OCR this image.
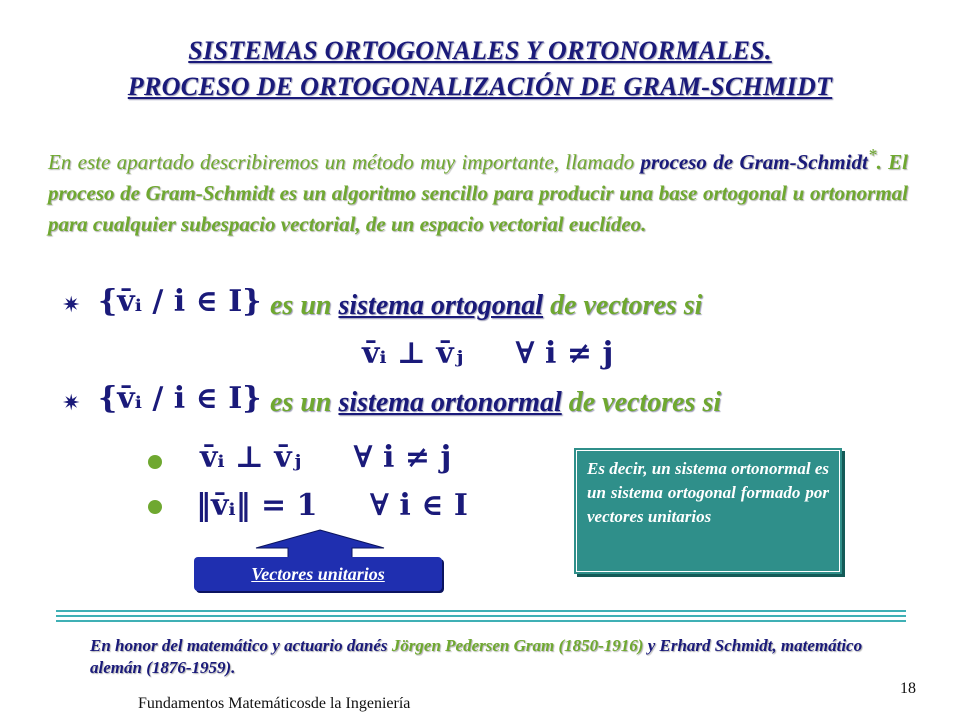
SISTEMAS ORTOGONALES Y ORTONORMALES.
PROCESO DE ORTOGONALIZACIÓN DE GRAM-SCHMIDT
En este apartado describiremos un método muy importante, llamado proceso de Gram-Schmidt*. El proceso de Gram-Schmidt es un algoritmo sencillo para producir una base ortogonal u ortonormal para cualquier subespacio vectorial, de un espacio vectorial euclídeo.
✷ {v̄ᵢ / i ∈ I} es un sistema ortogonal de vectores si
v̄ᵢ ⊥ v̄ⱼ     ∀ i ≠ j
✷ {v̄ᵢ / i ∈ I} es un sistema ortonormal de vectores si
v̄ᵢ ⊥ v̄ⱼ     ∀ i ≠ j
‖v̄ᵢ‖ = 1     ∀ i ∈ I
Es decir, un sistema ortonormal es un sistema ortogonal formado por vectores unitarios
Vectores unitarios
En honor del matemático y actuario danés Jörgen Pedersen Gram (1850-1916) y Erhard Schmidt, matemático alemán (1876-1959).
Fundamentos Matemáticosde la Ingeniería
18
